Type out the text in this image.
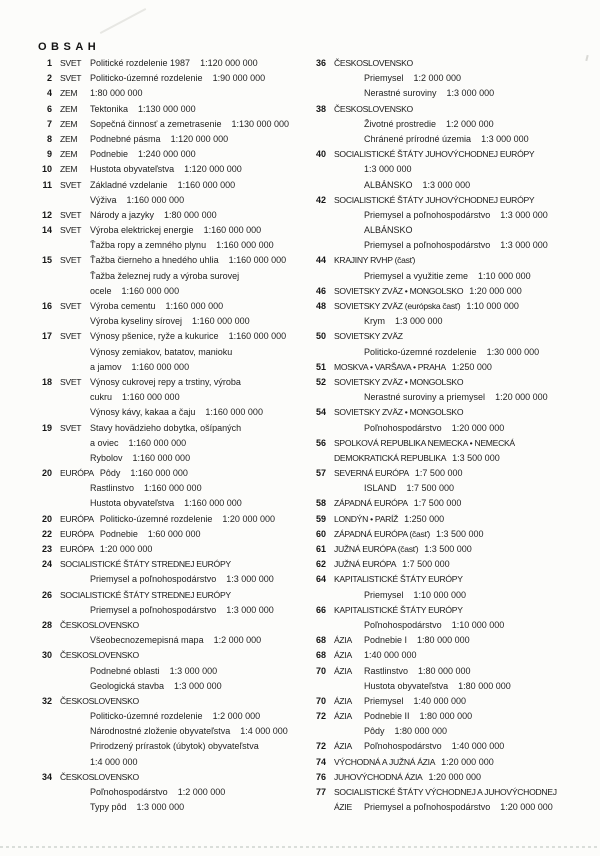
OBSAH
1 SVET Politické rozdelenie 1987 1:120 000 000
2 SVET Politicko-územné rozdelenie 1:90 000 000
4 ZEM 1:80 000 000
6 ZEM Tektonika 1:130 000 000
7 ZEM Sopečná činnosť a zemetrasenie 1:130 000 000
8 ZEM Podnebné pásma 1:120 000 000
9 ZEM Podnebie 1:240 000 000
10 ZEM Hustota obyvateľstva 1:120 000 000
11 SVET Základné vzdelanie 1:160 000 000
Výživa 1:160 000 000
12 SVET Národy a jazyky 1:80 000 000
14 SVET Výroba elektrickej energie 1:160 000 000
Ťažba ropy a zemného plynu 1:160 000 000
15 SVET Ťažba čierneho a hnedého uhlia 1:160 000 000
Ťažba železnej rudy a výroba surovej
ocele 1:160 000 000
16 SVET Výroba cementu 1:160 000 000
Výroba kyseliny sírovej 1:160 000 000
17 SVET Výnosy pšenice, ryže a kukurice 1:160 000 000
Výnosy zemiakov, batatov, manioku
a jamov 1:160 000 000
18 SVET Výnosy cukrovej repy a trstiny, výroba
cukru 1:160 000 000
Výnosy kávy, kakaa a čaju 1:160 000 000
19 SVET Stavy hovädzieho dobytka, ošípaných
a oviec 1:160 000 000
Rybolov 1:160 000 000
20 EURÓPA Pôdy 1:160 000 000
Rastlinstvo 1:160 000 000
Hustota obyvateľstva 1:160 000 000
20 EURÓPA Politicko-územné rozdelenie 1:20 000 000
22 EURÓPA Podnebie 1:60 000 000
23 EURÓPA 1:20 000 000
24 SOCIALISTICKÉ ŠTÁTY STREDNEJ EURÓPY
Priemysel a poľnohospodárstvo 1:3 000 000
26 SOCIALISTICKÉ ŠTÁTY STREDNEJ EURÓPY
Priemysel a poľnohospodárstvo 1:3 000 000
28 ČESKOSLOVENSKO
Všeobecnozemepisná mapa 1:2 000 000
30 ČESKOSLOVENSKO
Podnebné oblasti 1:3 000 000
Geologická stavba 1:3 000 000
32 ČESKOSLOVENSKO
Politicko-územné rozdelenie 1:2 000 000
Národnostné zloženie obyvateľstva 1:4 000 000
Prirodzený prírastok (úbytok) obyvateľstva
1:4 000 000
34 ČESKOSLOVENSKO
Poľnohospodárstvo 1:2 000 000
Typy pôd 1:3 000 000
36 ČESKOSLOVENSKO
Priemysel 1:2 000 000
Nerastné suroviny 1:3 000 000
38 ČESKOSLOVENSKO
Životné prostredie 1:2 000 000
Chránené prírodné územia 1:3 000 000
40 SOCIALISTICKÉ ŠTÁTY JUHOVÝCHODNEJ EURÓPY
1:3 000 000
ALBÁNSKO 1:3 000 000
42 SOCIALISTICKÉ ŠTÁTY JUHOVÝCHODNEJ EURÓPY
Priemysel a poľnohospodárstvo 1:3 000 000
ALBÁNSKO
Priemysel a poľnohospodárstvo 1:3 000 000
44 KRAJINY RVHP (časť)
Priemysel a využitie zeme 1:10 000 000
46 SOVIETSKY ZVÄZ • MONGOLSKO 1:20 000 000
48 SOVIETSKY ZVÄZ (európska časť) 1:10 000 000
Krym 1:3 000 000
50 SOVIETSKY ZVÄZ
Politicko-územné rozdelenie 1:30 000 000
51 MOSKVA • VARŠAVA • PRAHA 1:250 000
52 SOVIETSKY ZVÄZ • MONGOLSKO
Nerastné suroviny a priemysel 1:20 000 000
54 SOVIETSKY ZVÄZ • MONGOLSKO
Poľnohospodárstvo 1:20 000 000
56 SPOLKOVÁ REPUBLIKA NEMECKA • NEMECKÁ
DEMOKRATICKÁ REPUBLIKA 1:3 500 000
57 SEVERNÁ EURÓPA 1:7 500 000
ISLAND 1:7 500 000
58 ZÁPADNÁ EURÓPA 1:7 500 000
59 LONDÝN • PARÍŽ 1:250 000
60 ZÁPADNÁ EURÓPA (časť) 1:3 500 000
61 JUŽNÁ EURÓPA (časť) 1:3 500 000
62 JUŽNÁ EURÓPA 1:7 500 000
64 KAPITALISTICKÉ ŠTÁTY EURÓPY
Priemysel 1:10 000 000
66 KAPITALISTICKÉ ŠTÁTY EURÓPY
Poľnohospodárstvo 1:10 000 000
68 ÁZIA Podnebie I 1:80 000 000
68 ÁZIA 1:40 000 000
70 ÁZIA Rastlinstvo 1:80 000 000
Hustota obyvateľstva 1:80 000 000
70 ÁZIA Priemysel 1:40 000 000
72 ÁZIA Podnebie II 1:80 000 000
Pôdy 1:80 000 000
72 ÁZIA Poľnohospodárstvo 1:40 000 000
74 VÝCHODNÁ A JUŽNÁ ÁZIA 1:20 000 000
76 JUHOVÝCHODNÁ ÁZIA 1:20 000 000
77 SOCIALISTICKÉ ŠTÁTY VÝCHODNEJ A JUHOVÝCHODNEJ
ÁZIE Priemysel a poľnohospodárstvo 1:20 000 000
